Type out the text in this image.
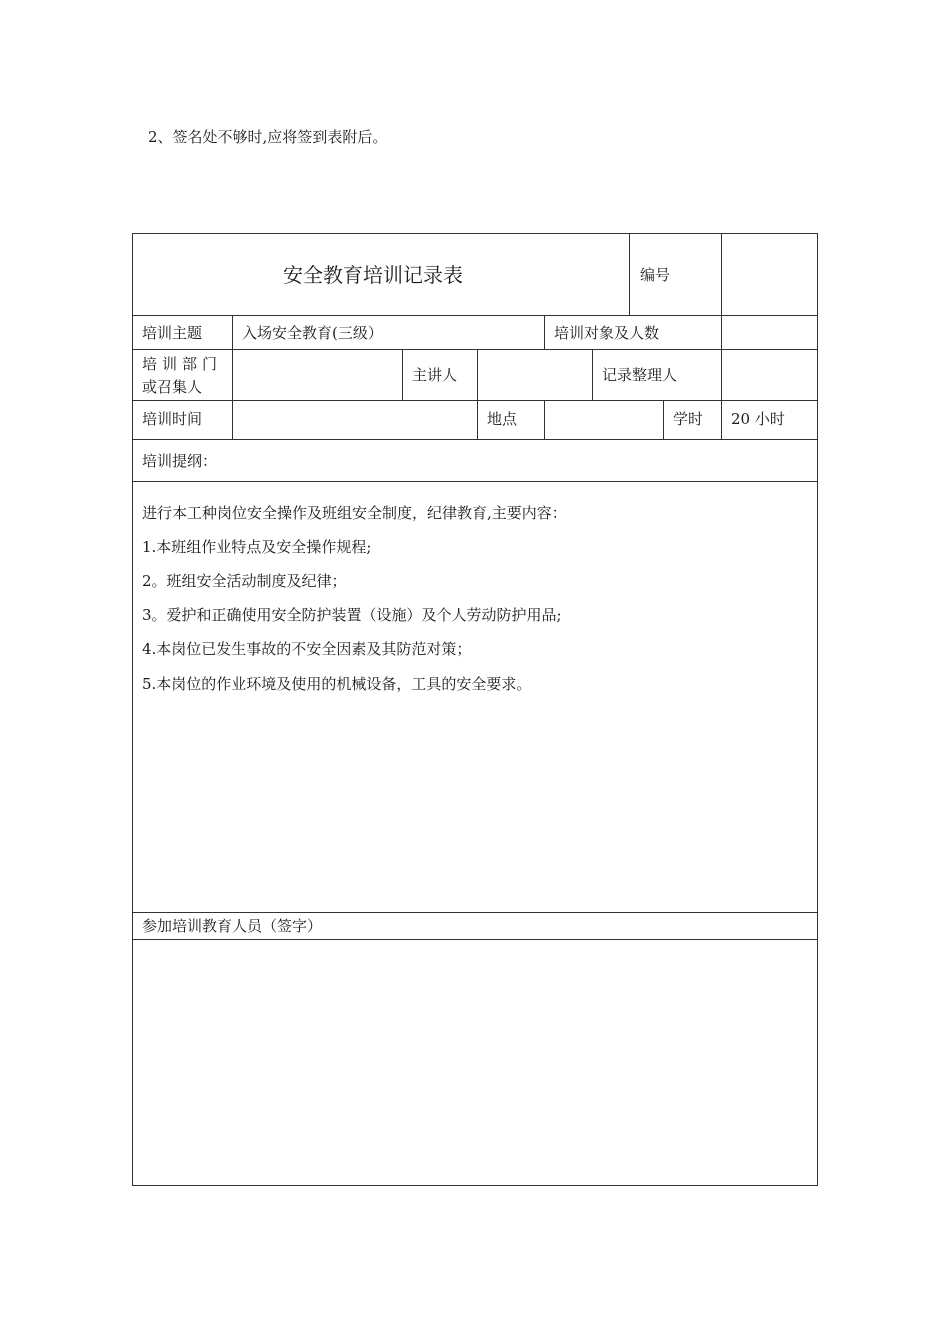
2、签名处不够时,应将签到表附后。
安全教育培训记录表	编号
培训主题	入场安全教育(三级）	培训对象及人数
培训部门
或召集人
主讲人	记录整理人
培训时间	地点	学时 20 小时
培训提纲：

进行本工种岗位安全操作及班组安全制度，纪律教育,主要内容：

1.本班组作业特点及安全操作规程;

2。班组安全活动制度及纪律；

3。爱护和正确使用安全防护装置（设施）及个人劳动防护用品;

4.本岗位已发生事故的不安全因素及其防范对策；

5.本岗位的作业环境及使用的机械设备，工具的安全要求。

参加培训教育人员（签字）
